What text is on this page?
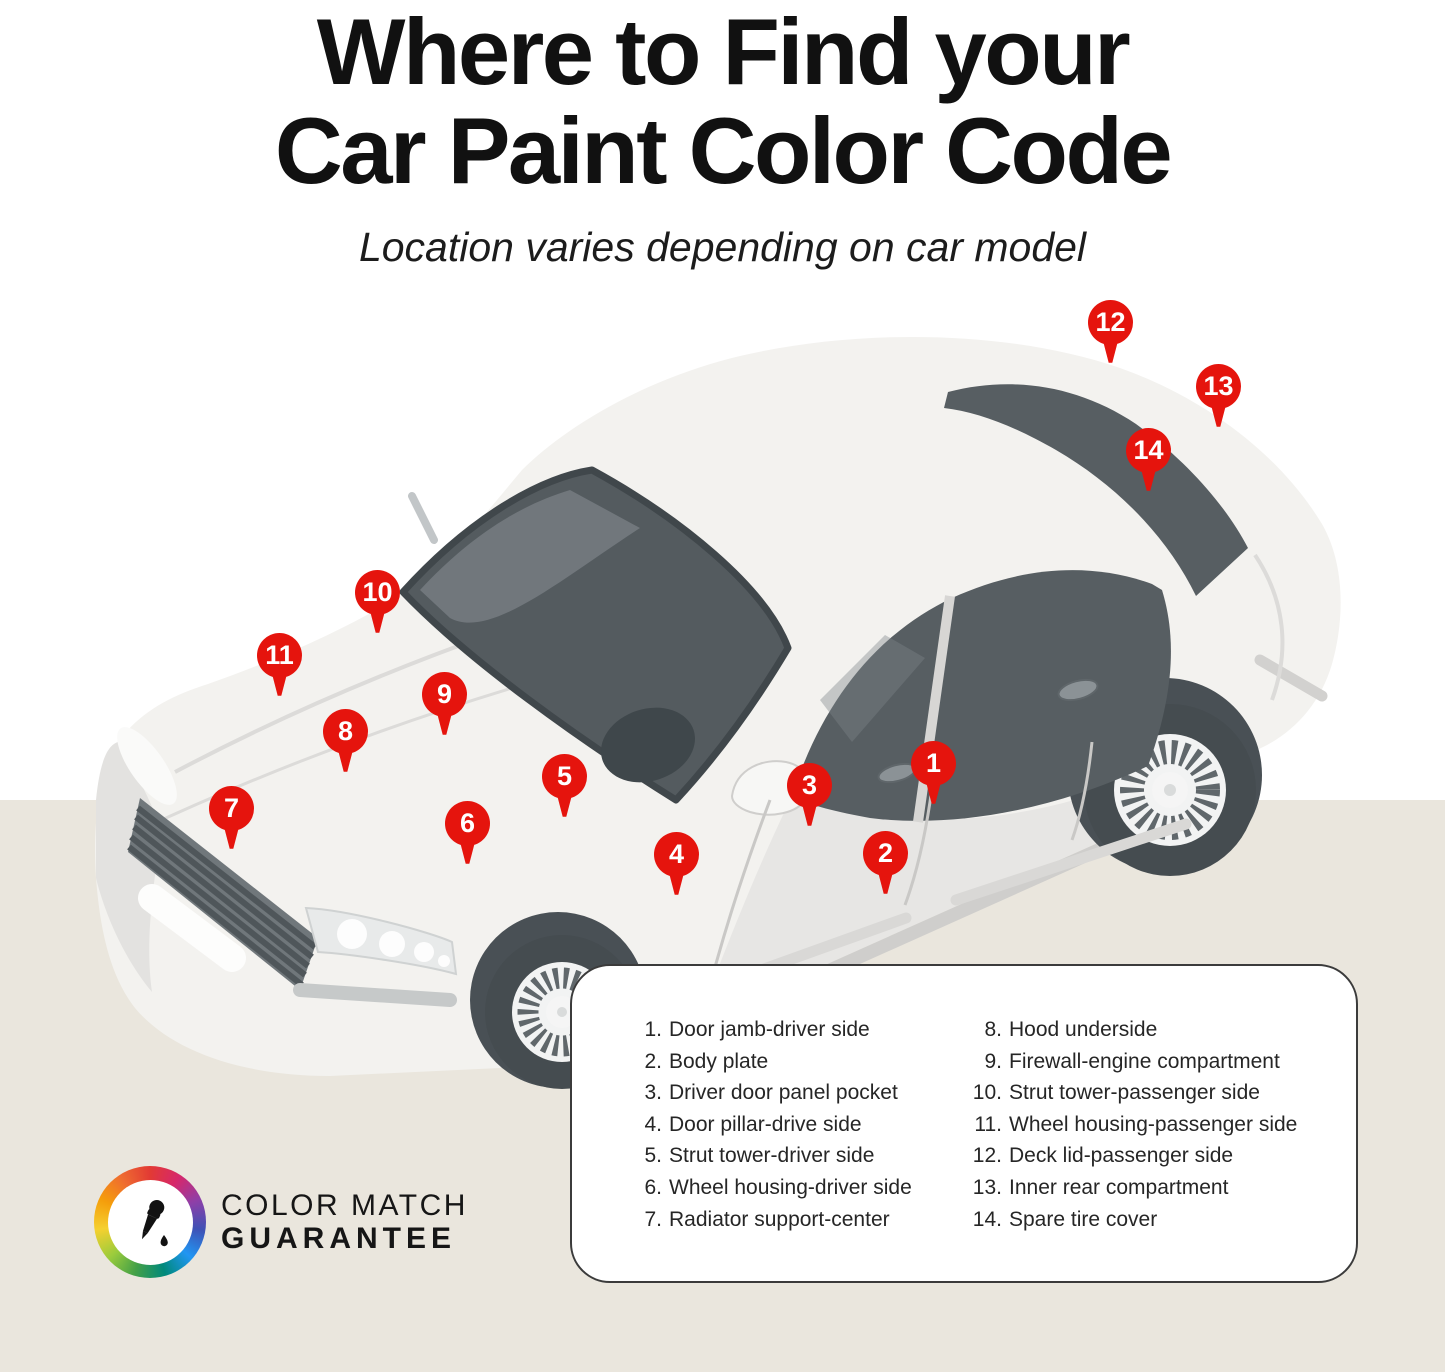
Where to Find your
Car Paint Color Code

Location varies depending on car model

1
2
3
4
5
6
7
8
9
10
11
12
13
14
1. Door jamb-driver side
2. Body plate
3. Driver door panel pocket
4. Door pillar-drive side
5. Strut tower-driver side
6. Wheel housing-driver side
7. Radiator support-center
8. Hood underside
9. Firewall-engine compartment
10. Strut tower-passenger side
11. Wheel housing-passenger side
12. Deck lid-passenger side
13. Inner rear compartment
14. Spare tire cover
COLOR MATCH
GUARANTEE
